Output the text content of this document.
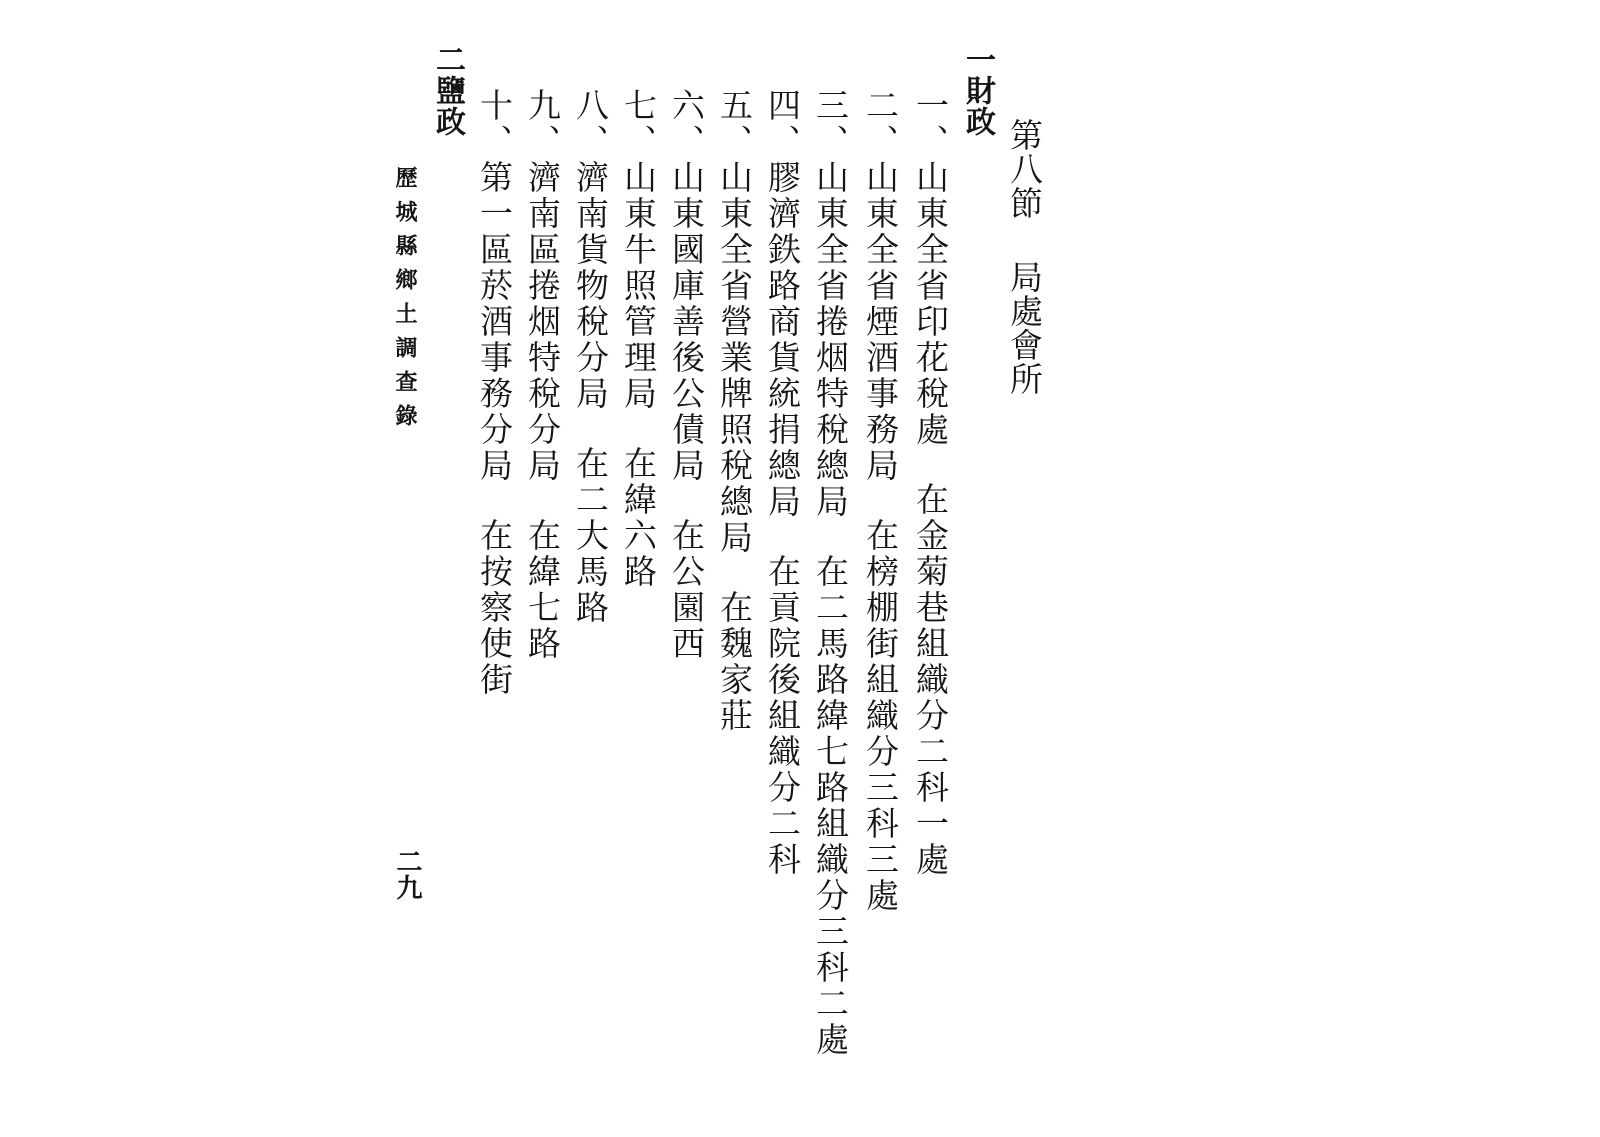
第八節局處會所
一財政
一、山東全省印花稅處在金菊巷組織分二科一處
二、山東全省煙酒事務局在榜棚街組織分三科三處
三、山東全省捲烟特稅總局在二馬路緯七路組織分三科二處
四、膠濟鉄路商貨統捐總局在貢院後組織分二科
五、山東全省營業牌照稅總局在魏家莊
六、山東國庫善後公債局在公園西
七、山東牛照管理局在緯六路
八、濟南貨物稅分局在二大馬路
九、濟南區捲烟特稅分局在緯七路
十、第一區菸酒事務分局在按察使街
二鹽政
歷城縣鄉土調查錄
二九
